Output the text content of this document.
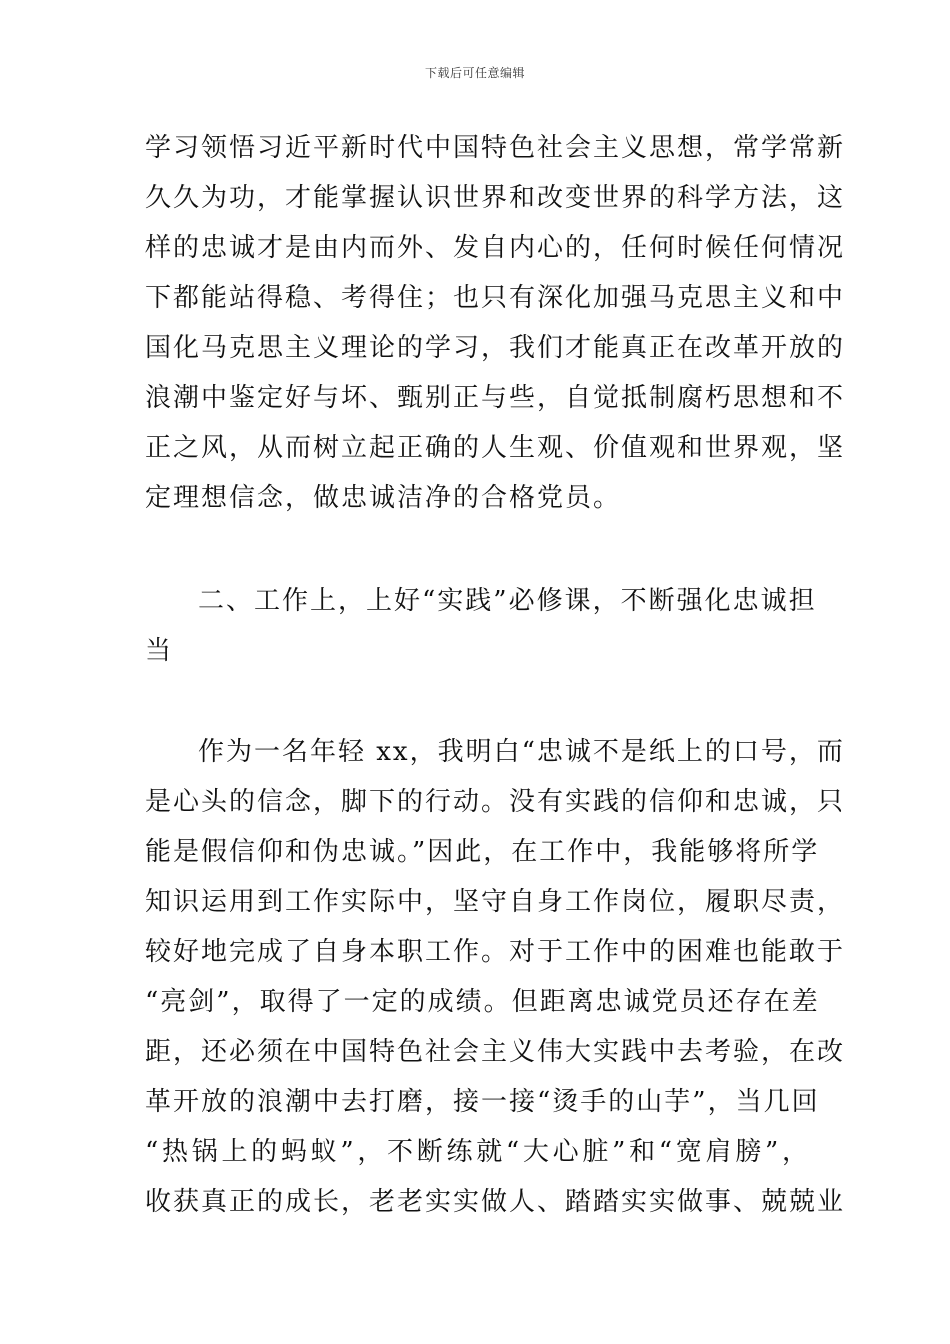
下载后可任意编辑
学习领悟习近平新时代中国特色社会主义思想，常学常新
久久为功，才能掌握认识世界和改变世界的科学方法，这
样的忠诚才是由内而外、发自内心的，任何时候任何情况
下都能站得稳、考得住；也只有深化加强马克思主义和中
国化马克思主义理论的学习，我们才能真正在改革开放的
浪潮中鉴定好与坏、甄别正与些，自觉抵制腐朽思想和不
正之风，从而树立起正确的人生观、价值观和世界观，坚
定理想信念，做忠诚洁净的合格党员。
二、工作上，上好“实践”必修课，不断强化忠诚担
当
作为一名年轻 xx，我明白“忠诚不是纸上的口号，而
是心头的信念，脚下的行动。没有实践的信仰和忠诚，只
能是假信仰和伪忠诚。”因此，在工作中，我能够将所学
知识运用到工作实际中，坚守自身工作岗位，履职尽责，
较好地完成了自身本职工作。对于工作中的困难也能敢于
“亮剑”，取得了一定的成绩。但距离忠诚党员还存在差
距，还必须在中国特色社会主义伟大实践中去考验，在改
革开放的浪潮中去打磨，接一接“烫手的山芋”，当几回
“热锅上的蚂蚁”，不断练就“大心脏”和“宽肩膀”，
收获真正的成长，老老实实做人、踏踏实实做事、兢兢业
